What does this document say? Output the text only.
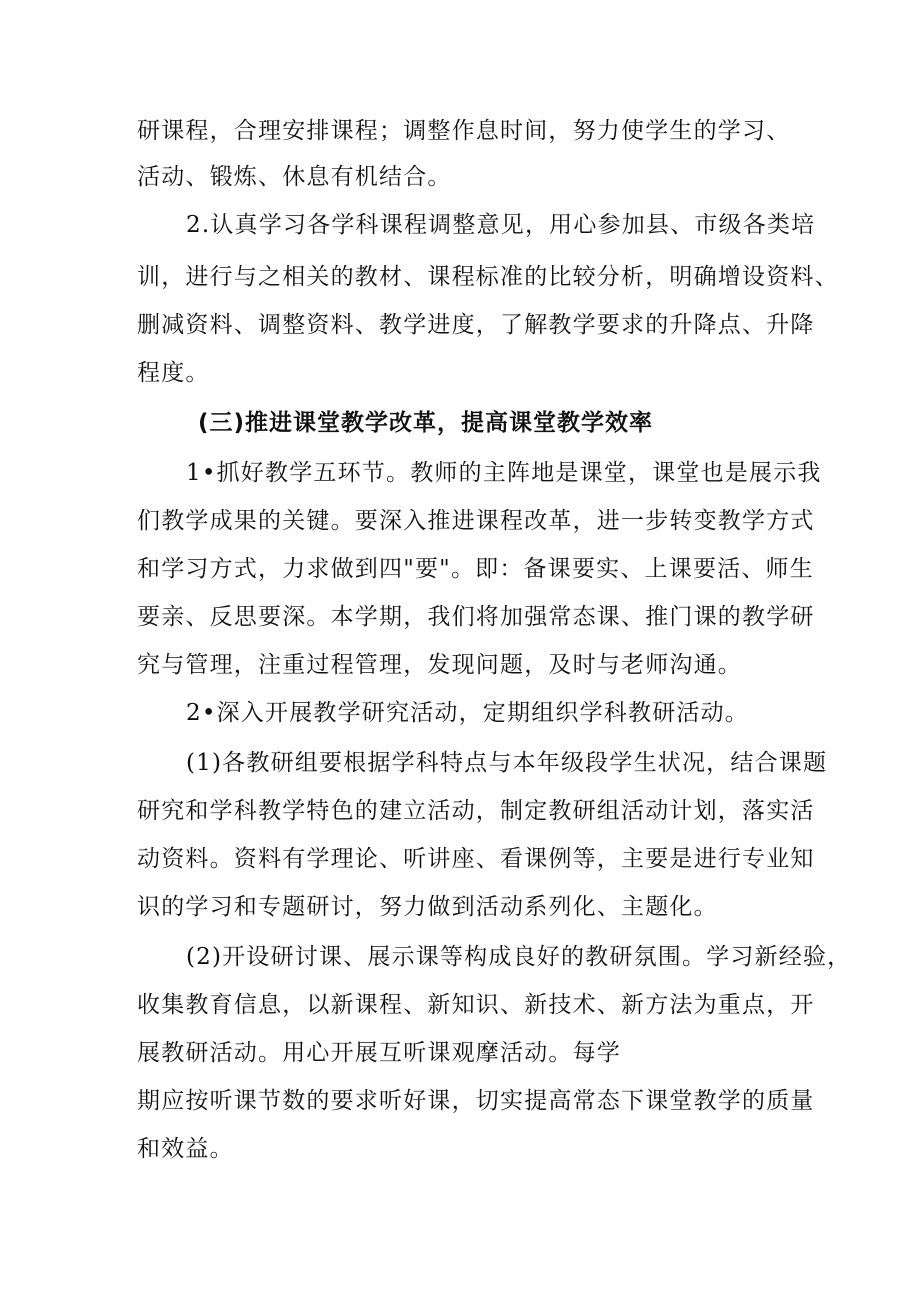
研课程，合理安排课程；调整作息时间，努力使学生的学习、
活动、锻炼、休息有机结合。
2.认真学习各学科课程调整意见，用心参加县、市级各类培
训，进行与之相关的教材、课程标准的比较分析，明确增设资料、
删减资料、调整资料、教学进度，了解教学要求的升降点、升降
程度。
(三)推进课堂教学改革，提高课堂教学效率
1•抓好教学五环节。教师的主阵地是课堂，课堂也是展示我
们教学成果的关键。要深入推进课程改革，进一步转变教学方式
和学习方式，力求做到四"要"。即：备课要实、上课要活、师生
要亲、反思要深。本学期，我们将加强常态课、推门课的教学研
究与管理，注重过程管理，发现问题，及时与老师沟通。
2•深入开展教学研究活动，定期组织学科教研活动。
(1)各教研组要根据学科特点与本年级段学生状况，结合课题
研究和学科教学特色的建立活动，制定教研组活动计划，落实活
动资料。资料有学理论、听讲座、看课例等，主要是进行专业知
识的学习和专题研讨，努力做到活动系列化、主题化。
(2)开设研讨课、展示课等构成良好的教研氛围。学习新经验，
收集教育信息，以新课程、新知识、新技术、新方法为重点，开
展教研活动。用心开展互听课观摩活动。每学
期应按听课节数的要求听好课，切实提高常态下课堂教学的质量
和效益。
